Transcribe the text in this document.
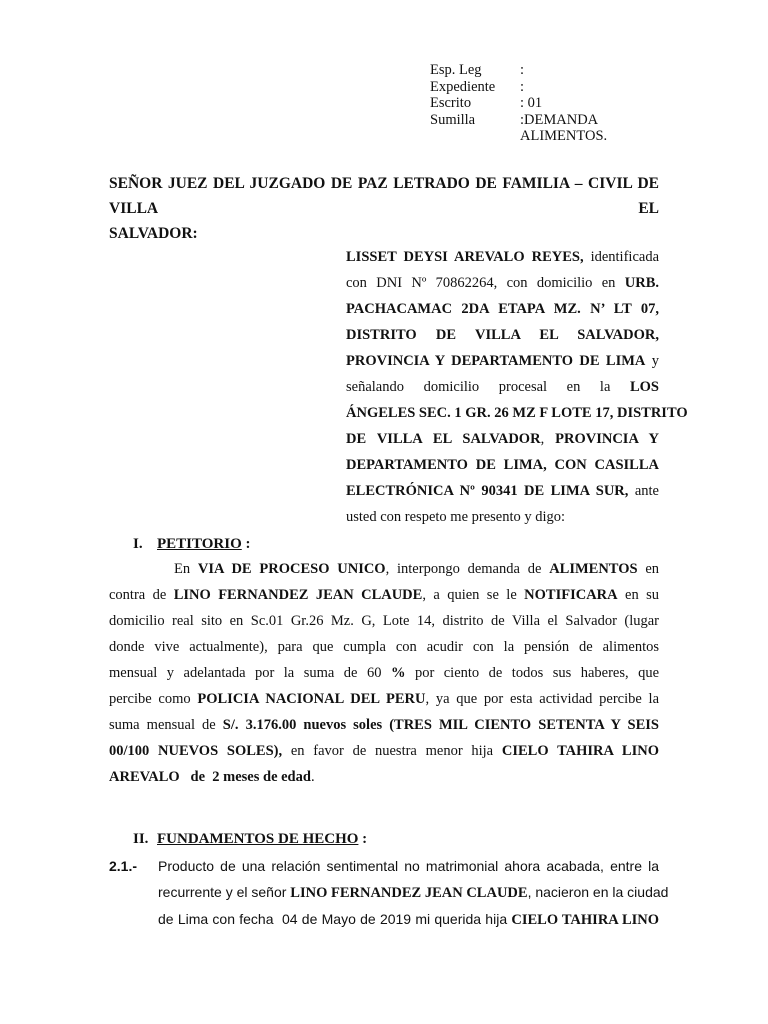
Esp. Leg	:
Expediente	:
Escrito	: 01
Sumilla	:DEMANDA
ALIMENTOS.
SEÑOR JUEZ DEL JUZGADO DE PAZ LETRADO DE FAMILIA – CIVIL DE VILLA EL
SALVADOR:
LISSET DEYSI AREVALO REYES, identificada
con DNI Nº 70862264, con domicilio en URB.
PACHACAMAC 2DA ETAPA MZ. N’ LT 07,
DISTRITO DE VILLA EL SALVADOR,
PROVINCIA Y DEPARTAMENTO DE LIMA y
señalando domicilio procesal en la LOS
ÁNGELES SEC. 1 GR. 26 MZ F LOTE 17, DISTRITO
DE VILLA EL SALVADOR, PROVINCIA Y
DEPARTAMENTO DE LIMA, CON CASILLA
ELECTRÓNICA Nº 90341 DE LIMA SUR, ante
usted con respeto me presento y digo:
I. PETITORIO :
En VIA DE PROCESO UNICO, interpongo demanda de ALIMENTOS en
contra de LINO FERNANDEZ JEAN CLAUDE, a quien se le NOTIFICARA en su
domicilio real sito en Sc.01 Gr.26 Mz. G, Lote 14, distrito de Villa el Salvador (lugar
donde vive actualmente), para que cumpla con acudir con la pensión de alimentos
mensual y adelantada por la suma de 60 % por ciento de todos sus haberes, que
percibe como POLICIA NACIONAL DEL PERU, ya que por esta actividad percibe la
suma mensual de S/. 3.176.00 nuevos soles (TRES MIL CIENTO SETENTA Y SEIS
00/100 NUEVOS SOLES), en favor de nuestra menor hija CIELO TAHIRA LINO
AREVALO   de  2 meses de edad.
II. FUNDAMENTOS DE HECHO :
2.1.- Producto de una relación sentimental no matrimonial ahora acabada, entre la
recurrente y el señor LINO FERNANDEZ JEAN CLAUDE, nacieron en la ciudad
de Lima con fecha  04 de Mayo de 2019 mi querida hija CIELO TAHIRA LINO
